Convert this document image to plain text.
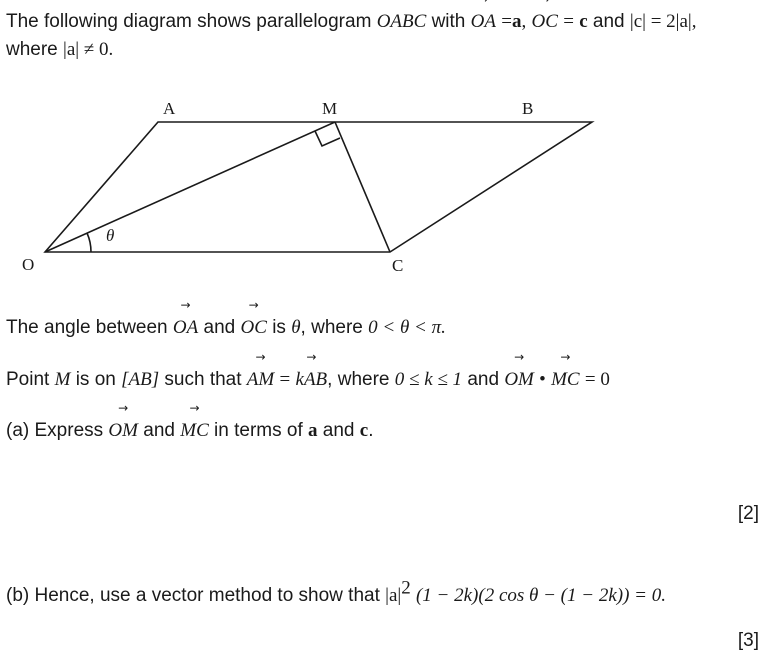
The following diagram shows parallelogram OABC with → OA =a, → OC = c and |c| = 2|a|,
where |a| ≠ 0.
O
A	M	B
C
θ
The angle between → OA and → OC is θ, where 0 < θ < π.
Point M is on [AB] such that → AM = → kAB, where 0 ≤ k ≤ 1 and → OM • → MC = 0
(a) Express → OM and → MC in terms of a and c.
[2]
(b) Hence, use a vector method to show that $|a|^2$ (1 − 2k)(2 cos θ − (1 − 2k)) = 0.
[3]
